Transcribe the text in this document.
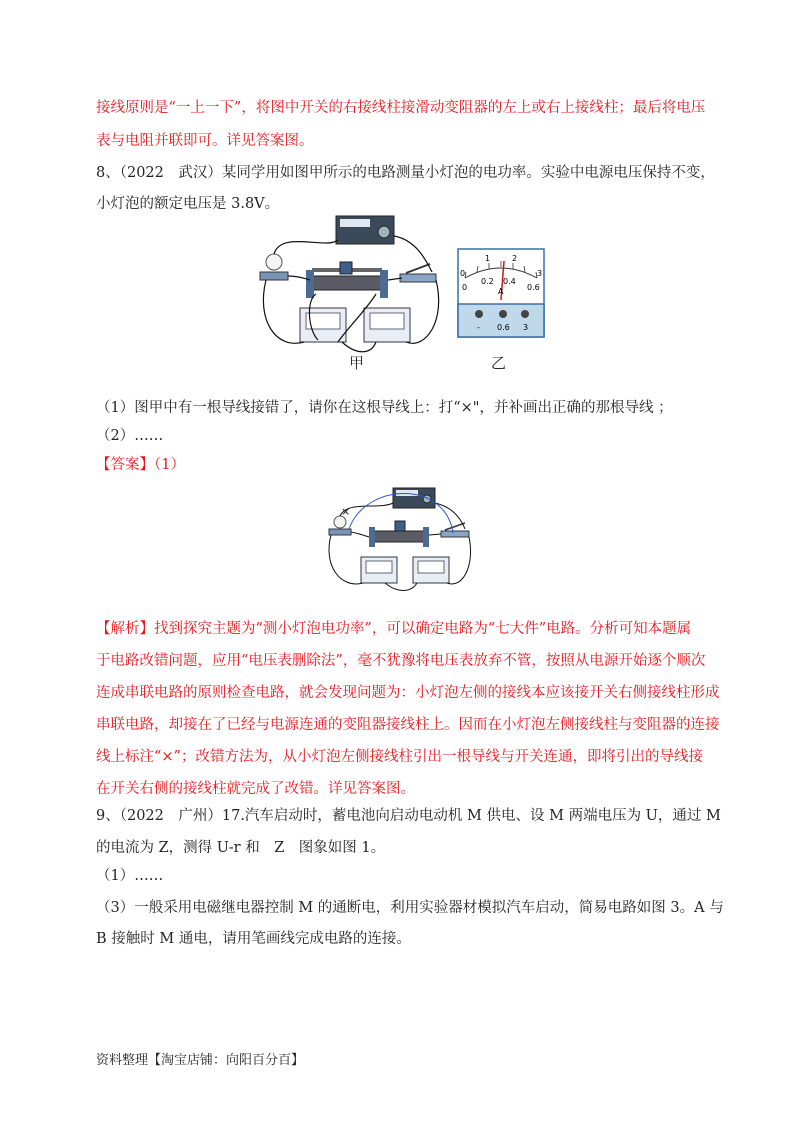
接线原则是“一上一下”，将图中开关的右接线柱接滑动变阻器的左上或右上接线柱；最后将电压
表与电阻并联即可。详见答案图。
8、（2022　武汉）某同学用如图甲所示的电路测量小灯泡的电功率。实验中电源电压保持不变，
小灯泡的额定电压是 3.8V。
甲
0
1	2
3
0
0.2 0.4
0.6
A
- 0.6 3
乙
（1）图甲中有一根导线接错了，请你在这根导线上：打“×"，并补画出正确的那根导线 ；
（2）……
【答案】（1）
×
【解析】找到探究主题为“测小灯泡电功率”，可以确定电路为“七大件”电路。分析可知本题属
于电路改错问题，应用“电压表删除法”，毫不犹豫将电压表放弃不管，按照从电源开始逐个顺次
连成串联电路的原则检查电路，就会发现问题为：小灯泡左侧的接线本应该接开关右侧接线柱形成
串联电路，却接在了已经与电源连通的变阻器接线柱上。因而在小灯泡左侧接线柱与变阻器的连接
线上标注“×”；改错方法为，从小灯泡左侧接线柱引出一根导线与开关连通，即将引出的导线接
在开关右侧的接线柱就完成了改错。详见答案图。
9、（2022　广州）17.汽车启动时，蓄电池向启动电动机 M 供电、设 M 两端电压为 U，通过 M
的电流为 Z，测得 U-r 和　Z　图象如图 1。
（1）……
（3）一般采用电磁继电器控制 M 的通断电，利用实验器材模拟汽车启动，简易电路如图 3。A 与
B 接触时 M 通电，请用笔画线完成电路的连接。
资料整理【淘宝店铺：向阳百分百】
